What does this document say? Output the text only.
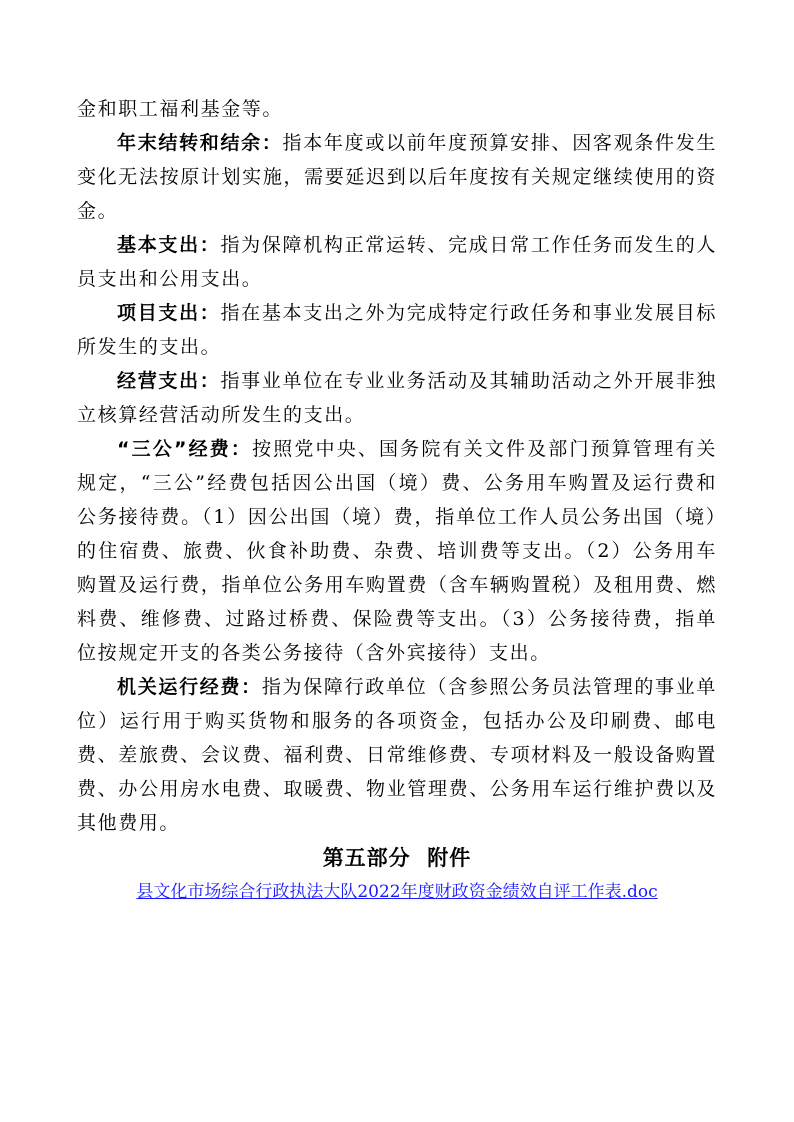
金和职工福利基金等。

年末结转和结余：指本年度或以前年度预算安排、因客观条件发生变化无法按原计划实施，需要延迟到以后年度按有关规定继续使用的资金。

基本支出：指为保障机构正常运转、完成日常工作任务而发生的人员支出和公用支出。

项目支出：指在基本支出之外为完成特定行政任务和事业发展目标所发生的支出。

经营支出：指事业单位在专业业务活动及其辅助活动之外开展非独立核算经营活动所发生的支出。

“三公”经费：按照党中央、国务院有关文件及部门预算管理有关规定，“三公”经费包括因公出国（境）费、公务用车购置及运行费和公务接待费。（1）因公出国（境）费，指单位工作人员公务出国（境）的住宿费、旅费、伙食补助费、杂费、培训费等支出。（2）公务用车购置及运行费，指单位公务用车购置费（含车辆购置税）及租用费、燃料费、维修费、过路过桥费、保险费等支出。（3）公务接待费，指单位按规定开支的各类公务接待（含外宾接待）支出。

机关运行经费：指为保障行政单位（含参照公务员法管理的事业单位）运行用于购买货物和服务的各项资金，包括办公及印刷费、邮电费、差旅费、会议费、福利费、日常维修费、专项材料及一般设备购置费、办公用房水电费、取暖费、物业管理费、公务用车运行维护费以及其他费用。

第五部分  附件
县文化市场综合行政执法大队2022年度财政资金绩效自评工作表.doc
